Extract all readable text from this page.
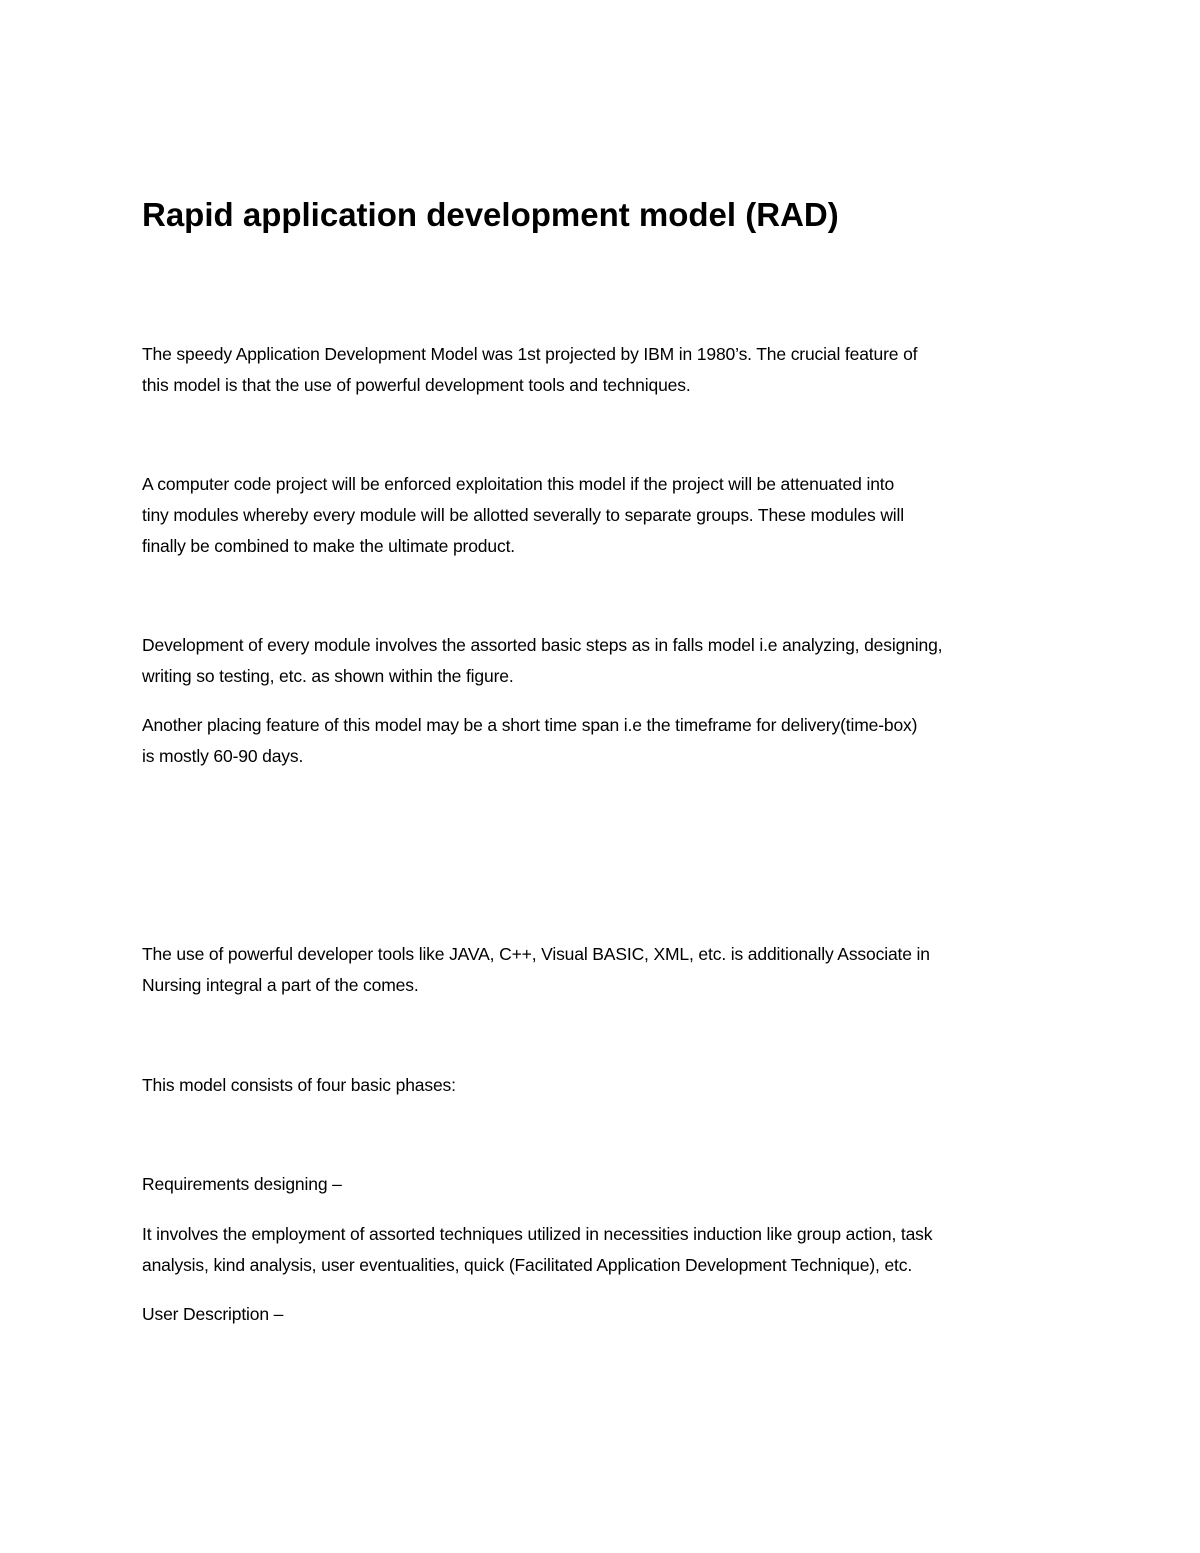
Rapid application development model (RAD)

The speedy Application Development Model was 1st projected by IBM in 1980’s. The crucial feature of
this model is that the use of powerful development tools and techniques.

A computer code project will be enforced exploitation this model if the project will be attenuated into
tiny modules whereby every module will be allotted severally to separate groups. These modules will
finally be combined to make the ultimate product.

Development of every module involves the assorted basic steps as in falls model i.e analyzing, designing,
writing so testing, etc. as shown within the figure.

Another placing feature of this model may be a short time span i.e the timeframe for delivery(time-box)
is mostly 60-90 days.

The use of powerful developer tools like JAVA, C++, Visual BASIC, XML, etc. is additionally Associate in
Nursing integral a part of the comes.

This model consists of four basic phases:

Requirements designing –

It involves the employment of assorted techniques utilized in necessities induction like group action, task
analysis, kind analysis, user eventualities, quick (Facilitated Application Development Technique), etc.

User Description –
